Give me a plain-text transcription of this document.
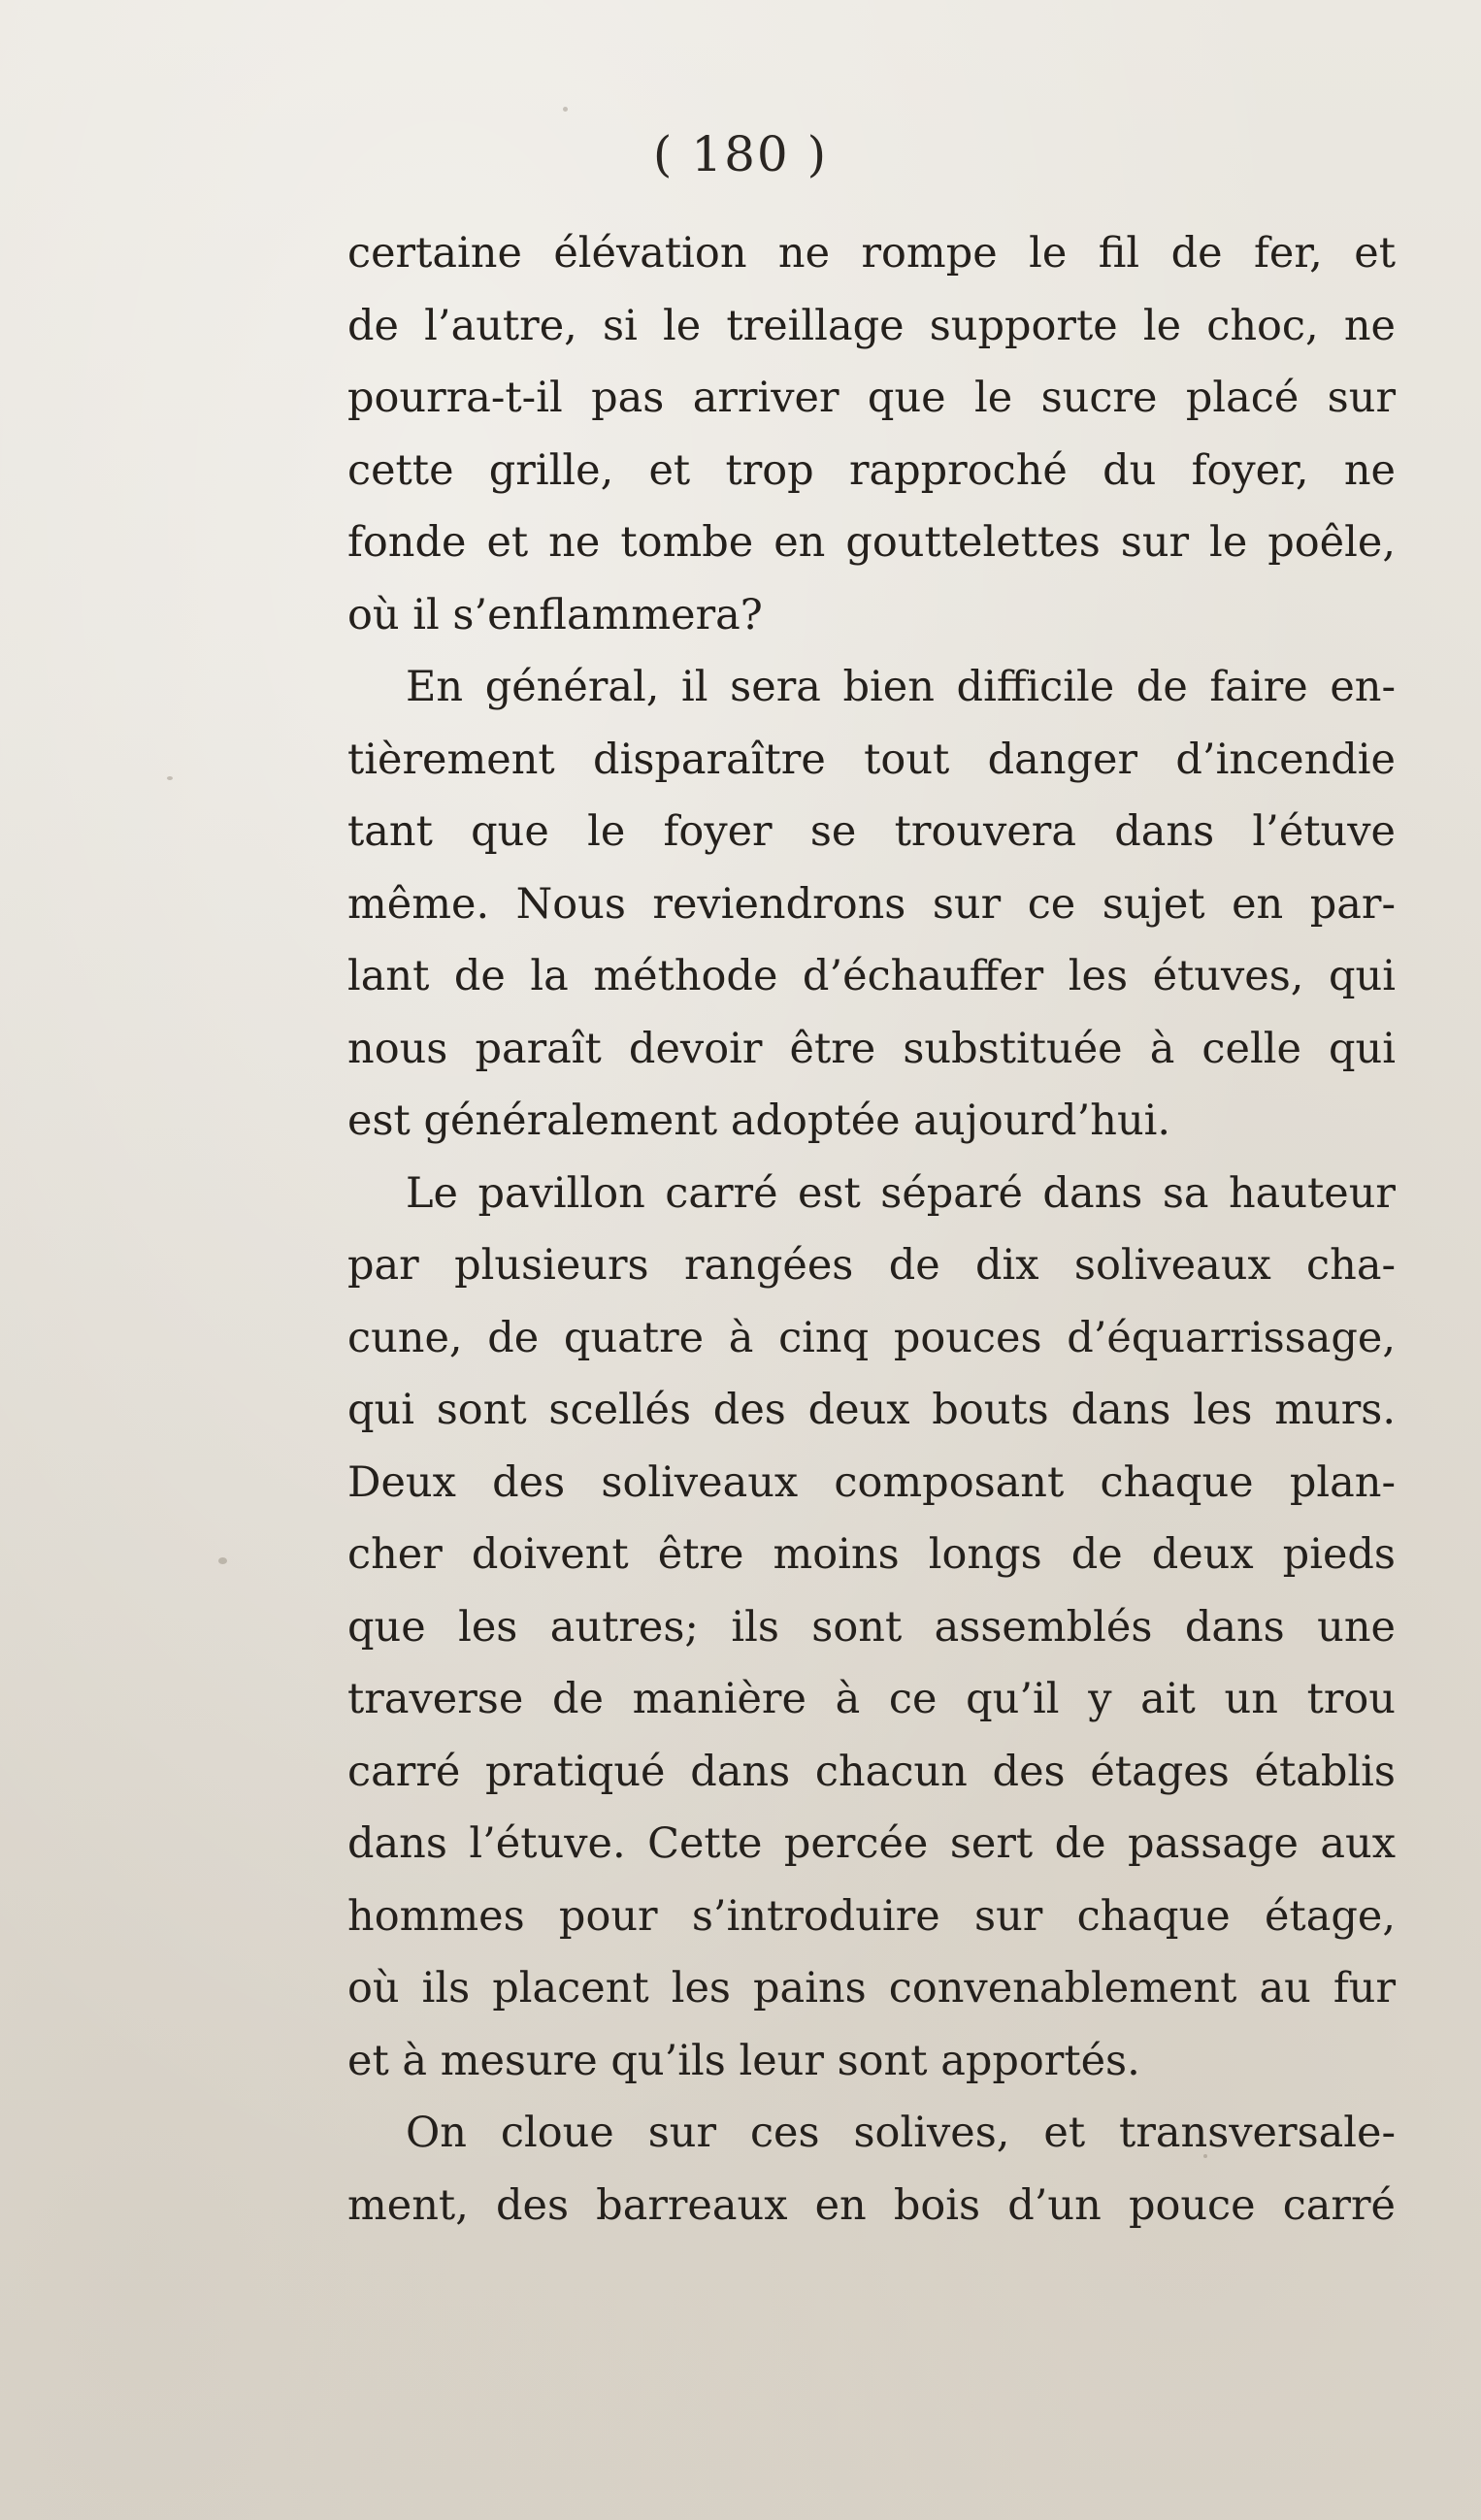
( 180 )
certaine élévation ne rompe le fil de fer, et
de l’autre, si le treillage supporte le choc, ne
pourra-t-il pas arriver que le sucre placé sur
cette grille, et trop rapproché du foyer, ne
fonde et ne tombe en gouttelettes sur le poêle,
où il s’enflammera?
En général, il sera bien difficile de faire en-
tièrement disparaître tout danger d’incendie
tant que le foyer se trouvera dans l’étuve
même. Nous reviendrons sur ce sujet en par-
lant de la méthode d’échauffer les étuves, qui
nous paraît devoir être substituée à celle qui
est généralement adoptée aujourd’hui.
Le pavillon carré est séparé dans sa hauteur
par plusieurs rangées de dix soliveaux cha-
cune, de quatre à cinq pouces d’équarrissage,
qui sont scellés des deux bouts dans les murs.
Deux des soliveaux composant chaque plan-
cher doivent être moins longs de deux pieds
que les autres; ils sont assemblés dans une
traverse de manière à ce qu’il y ait un trou
carré pratiqué dans chacun des étages établis
dans l’étuve. Cette percée sert de passage aux
hommes pour s’introduire sur chaque étage,
où ils placent les pains convenablement au fur
et à mesure qu’ils leur sont apportés.
On cloue sur ces solives, et transversale-
ment, des barreaux en bois d’un pouce carré
